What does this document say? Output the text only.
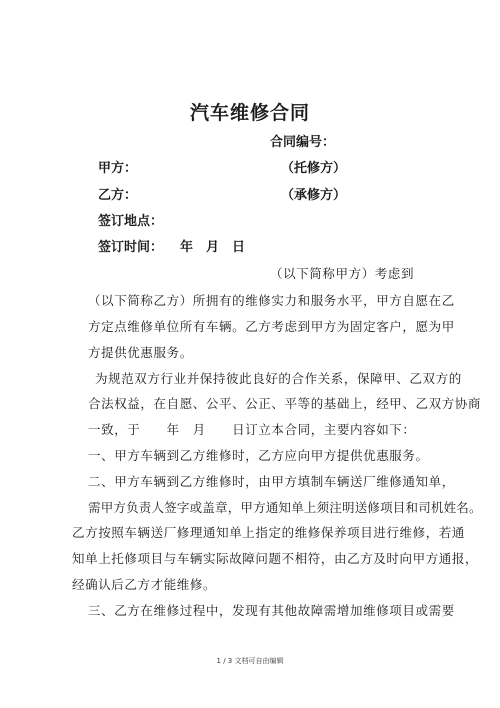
汽车维修合同
合同编号：
甲方：	（托修方）
乙方：	（承修方）
签订地点：
签订时间： 年　月　日
（以下简称甲方）考虑到
（以下简称乙方）所拥有的维修实力和服务水平，甲方自愿在乙
方定点维修单位所有车辆。乙方考虑到甲方为固定客户，愿为甲
方提供优惠服务。
为规范双方行业并保持彼此良好的合作关系，保障甲、乙双方的
合法权益，在自愿、公平、公正、平等的基础上，经甲、乙双方协商
一致，于　　年　月　　日订立本合同，主要内容如下：
一、甲方车辆到乙方维修时，乙方应向甲方提供优惠服务。
二、甲方车辆到乙方维修时，由甲方填制车辆送厂维修通知单，
需甲方负责人签字或盖章，甲方通知单上须注明送修项目和司机姓名。
乙方按照车辆送厂修理通知单上指定的维修保养项目进行维修，若通
知单上托修项目与车辆实际故障问题不相符，由乙方及时向甲方通报，
经确认后乙方才能维修。
三、乙方在维修过程中，发现有其他故障需增加维修项目或需要
1 / 3 文档可自由编辑
